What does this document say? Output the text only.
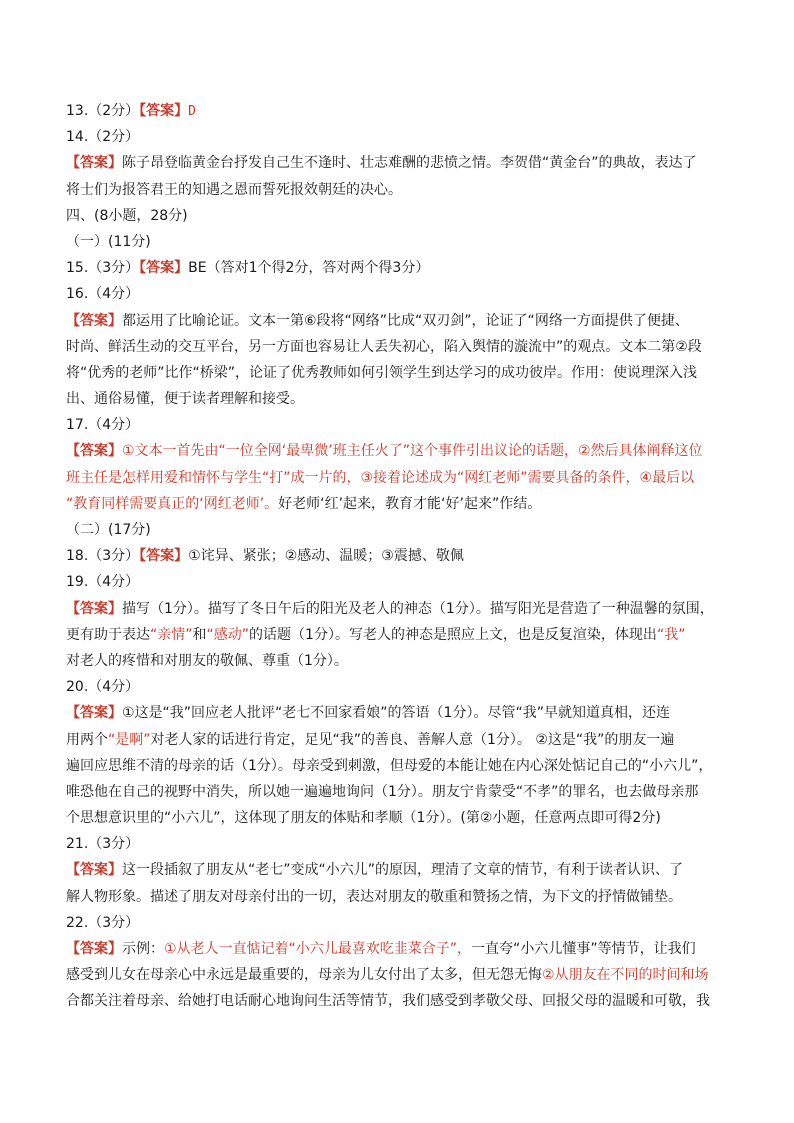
13.（2分）【答案】D
14.（2分）
【答案】陈子昂登临黄金台抒发自己生不逢时、壮志难酬的悲愤之情。李贺借“黄金台”的典故，表达了
将士们为报答君王的知遇之恩而誓死报效朝廷的决心。
四、(8小题，28分)
（一）(11分)
15.（3分）【答案】BE（答对1个得2分，答对两个得3分）
16.（4分）
【答案】都运用了比喻论证。文本一第⑥段将“网络”比成“双刃剑”，论证了“网络一方面提供了便捷、
时尚、鲜活生动的交互平台，另一方面也容易让人丢失初心，陷入舆情的漩流中”的观点。文本二第②段
将“优秀的老师”比作“桥梁”，论证了优秀教师如何引领学生到达学习的成功彼岸。作用：使说理深入浅
出、通俗易懂，便于读者理解和接受。
17.（4分）
【答案】①文本一首先由“一位全网‘最卑微’班主任火了”这个事件引出议论的话题，②然后具体阐释这位
班主任是怎样用爱和情怀与学生“打”成一片的，③接着论述成为“网红老师”需要具备的条件，④最后以
“教育同样需要真正的‘网红老师’。好老师‘红’起来，教育才能‘好’起来”作结。
（二）(17分)
18.（3分）【答案】①诧异、紧张；②感动、温暖；③震撼、敬佩
19.（4分）
【答案】描写（1分）。描写了冬日午后的阳光及老人的神态（1分）。描写阳光是营造了一种温馨的氛围，
更有助于表达“亲情”和“感动”的话题（1分）。写老人的神态是照应上文，也是反复渲染，体现出“我”
对老人的疼惜和对朋友的敬佩、尊重（1分）。
20.（4分）
【答案】①这是“我”回应老人批评“老七不回家看娘”的答语（1分）。尽管“我”早就知道真相，还连
用两个“是啊”对老人家的话进行肯定，足见“我”的善良、善解人意（1分）。 ②这是“我”的朋友一遍
遍回应思维不清的母亲的话（1分）。母亲受到刺激，但母爱的本能让她在内心深处惦记自己的“小六儿”，
唯恐他在自己的视野中消失，所以她一遍遍地询问（1分）。朋友宁肯蒙受“不孝”的罪名，也去做母亲那
个思想意识里的“小六儿”，这体现了朋友的体贴和孝顺（1分）。(第②小题，任意两点即可得2分)
21.（3分）
【答案】这一段插叙了朋友从“老七”变成“小六儿”的原因，理清了文章的情节，有利于读者认识、了
解人物形象。描述了朋友对母亲付出的一切，表达对朋友的敬重和赞扬之情，为下文的抒情做铺垫。
22.（3分）
【答案】示例：①从老人一直惦记着“小六儿最喜欢吃韭菜合子”，一直夸“小六儿懂事”等情节，让我们
感受到儿女在母亲心中永远是最重要的，母亲为儿女付出了太多，但无怨无悔②从朋友在不同的时间和场
合都关注着母亲、给她打电话耐心地询问生活等情节，我们感受到孝敬父母、回报父母的温暖和可敬，我
